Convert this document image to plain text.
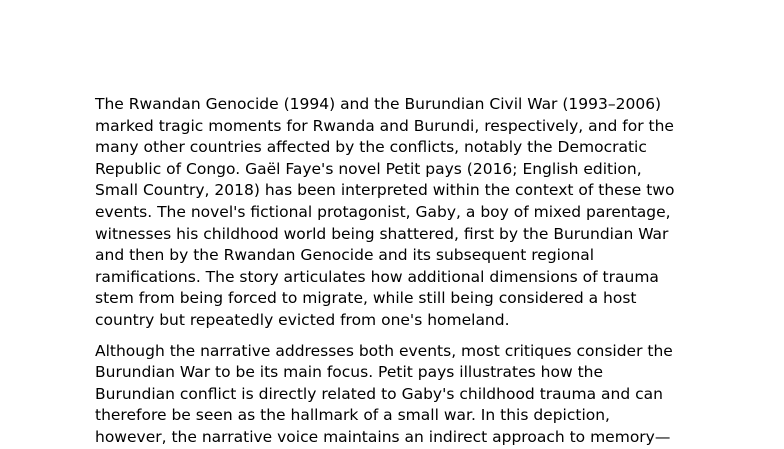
The Rwandan Genocide (1994) and the Burundian Civil War (1993–2006)
marked tragic moments for Rwanda and Burundi, respectively, and for the
many other countries affected by the conflicts, notably the Democratic
Republic of Congo. Gaël Faye's novel Petit pays (2016; English edition,
Small Country, 2018) has been interpreted within the context of these two
events. The novel's fictional protagonist, Gaby, a boy of mixed parentage,
witnesses his childhood world being shattered, first by the Burundian War
and then by the Rwandan Genocide and its subsequent regional
ramifications. The story articulates how additional dimensions of trauma
stem from being forced to migrate, while still being considered a host
country but repeatedly evicted from one's homeland.

Although the narrative addresses both events, most critiques consider the
Burundian War to be its main focus. Petit pays illustrates how the
Burundian conflict is directly related to Gaby's childhood trauma and can
therefore be seen as the hallmark of a small war. In this depiction,
however, the narrative voice maintains an indirect approach to memory—
